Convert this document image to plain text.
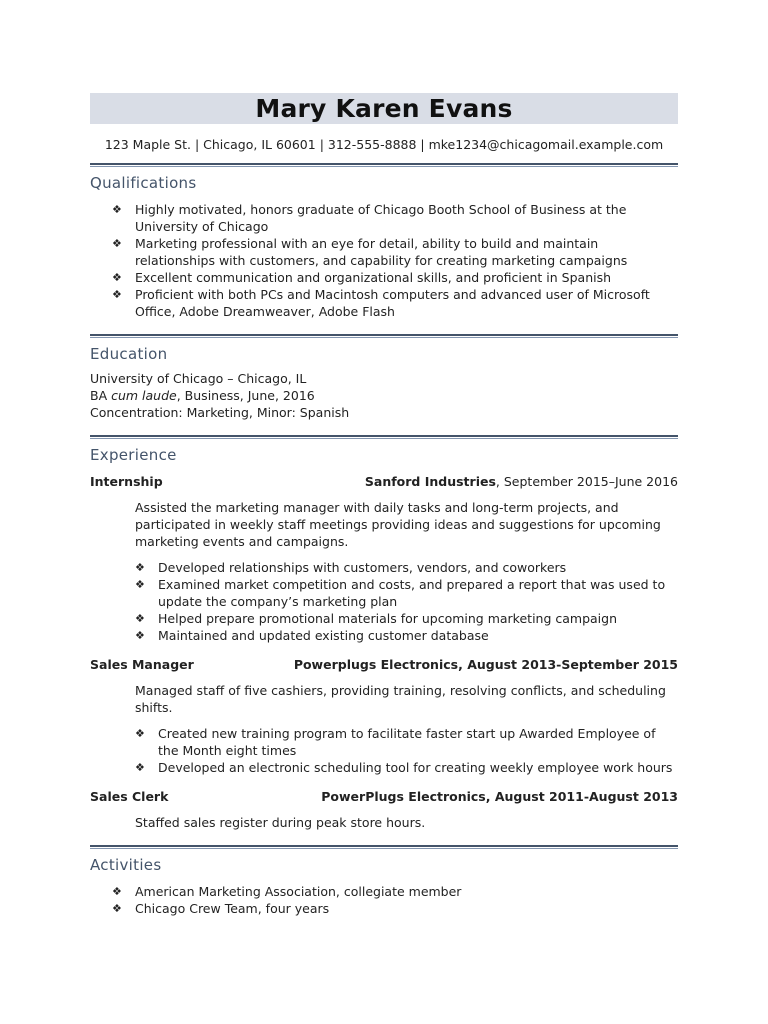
Mary Karen Evans
123 Maple St. | Chicago, IL 60601 | 312-555-8888 | mke1234@chicagomail.example.com
Qualifications
❖ Highly motivated, honors graduate of Chicago Booth School of Business at the University of Chicago
❖ Marketing professional with an eye for detail, ability to build and maintain relationships with customers, and capability for creating marketing campaigns
❖ Excellent communication and organizational skills, and proficient in Spanish
❖ Proficient with both PCs and Macintosh computers and advanced user of Microsoft Office, Adobe Dreamweaver, Adobe Flash
Education
University of Chicago – Chicago, IL
BA cum laude, Business, June, 2016
Concentration: Marketing, Minor: Spanish
Experience
Internship	Sanford Industries, September 2015–June 2016
Assisted the marketing manager with daily tasks and long-term projects, and participated in weekly staff meetings providing ideas and suggestions for upcoming marketing events and campaigns.
❖ Developed relationships with customers, vendors, and coworkers
❖ Examined market competition and costs, and prepared a report that was used to update the company’s marketing plan
❖ Helped prepare promotional materials for upcoming marketing campaign
❖ Maintained and updated existing customer database
Sales Manager	Powerplugs Electronics, August 2013-September 2015
Managed staff of five cashiers, providing training, resolving conflicts, and scheduling shifts.
❖ Created new training program to facilitate faster start up Awarded Employee of the Month eight times
❖ Developed an electronic scheduling tool for creating weekly employee work hours
Sales Clerk	PowerPlugs Electronics, August 2011-August 2013
Staffed sales register during peak store hours.
Activities
❖ American Marketing Association, collegiate member
❖ Chicago Crew Team, four years
